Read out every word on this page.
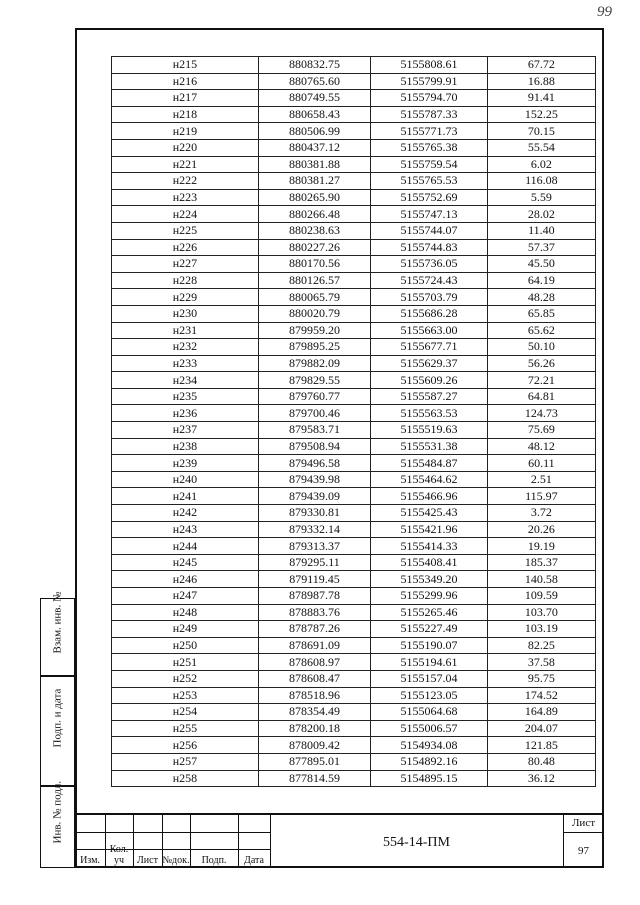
99
н215	880832.75	5155808.61	67.72
н216	880765.60	5155799.91	16.88
н217	880749.55	5155794.70	91.41
н218	880658.43	5155787.33	152.25
н219	880506.99	5155771.73	70.15
н220	880437.12	5155765.38	55.54
н221	880381.88	5155759.54	6.02
н222	880381.27	5155765.53	116.08
н223	880265.90	5155752.69	5.59
н224	880266.48	5155747.13	28.02
н225	880238.63	5155744.07	11.40
н226	880227.26	5155744.83	57.37
н227	880170.56	5155736.05	45.50
н228	880126.57	5155724.43	64.19
н229	880065.79	5155703.79	48.28
н230	880020.79	5155686.28	65.85
н231	879959.20	5155663.00	65.62
н232	879895.25	5155677.71	50.10
н233	879882.09	5155629.37	56.26
н234	879829.55	5155609.26	72.21
н235	879760.77	5155587.27	64.81
н236	879700.46	5155563.53	124.73
н237	879583.71	5155519.63	75.69
н238	879508.94	5155531.38	48.12
н239	879496.58	5155484.87	60.11
н240	879439.98	5155464.62	2.51
н241	879439.09	5155466.96	115.97
н242	879330.81	5155425.43	3.72
н243	879332.14	5155421.96	20.26
н244	879313.37	5155414.33	19.19
н245	879295.11	5155408.41	185.37
н246	879119.45	5155349.20	140.58
н247	878987.78	5155299.96	109.59
н248	878883.76	5155265.46	103.70
н249	878787.26	5155227.49	103.19
н250	878691.09	5155190.07	82.25
н251	878608.97	5155194.61	37.58
н252	878608.47	5155157.04	95.75
н253	878518.96	5155123.05	174.52
н254	878354.49	5155064.68	164.89
н255	878200.18	5155006.57	204.07
н256	878009.42	5154934.08	121.85
н257	877895.01	5154892.16	80.48
н258	877814.59	5154895.15	36.12
Взам. инв. №
Подп. и дата
Инв. № подл.
Изм.
Кол. уч	Лист №док.	Подп.	Дата
554-14-ПМ
Лист
97
